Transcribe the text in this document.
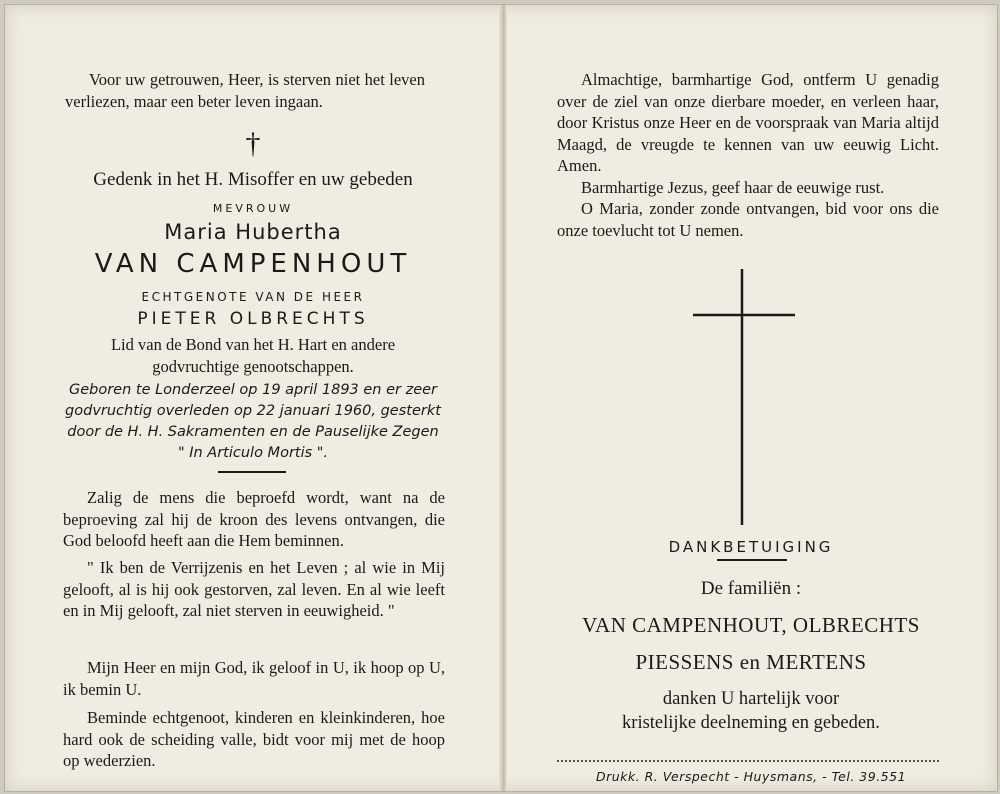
Voor uw getrouwen, Heer, is sterven niet het leven verliezen, maar een beter leven ingaan.

†
Gedenk in het H. Misoffer en uw gebeden
MEVROUW
Maria Hubertha
VAN CAMPENHOUT
ECHTGENOTE VAN DE HEER
PIETER OLBRECHTS
Lid van de Bond van het H. Hart en andere
godvruchtige genootschappen.
Geboren te Londerzeel op 19 april 1893 en er zeer
godvruchtig overleden op 22 januari 1960, gesterkt
door de H. H. Sakramenten en de Pauselijke Zegen
" In Articulo Mortis ".

Zalig de mens die beproefd wordt, want na de beproeving zal hij de kroon des levens ontvangen, die God beloofd heeft aan die Hem beminnen.

" Ik ben de Verrijzenis en het Leven ; al wie in Mij gelooft, al is hij ook gestorven, zal leven. En al wie leeft en in Mij gelooft, zal niet sterven in eeuwigheid. "

Mijn Heer en mijn God, ik geloof in U, ik hoop op U, ik bemin U.

Beminde echtgenoot, kinderen en kleinkinderen, hoe hard ook de scheiding valle, bidt voor mij met de hoop op wederzien.

Almachtige, barmhartige God, ontferm U genadig over de ziel van onze dierbare moeder, en verleen haar, door Kristus onze Heer en de voorspraak van Maria altijd Maagd, de vreugde te kennen van uw eeuwig Licht. Amen.

Barmhartige Jezus, geef haar de eeuwige rust.

O Maria, zonder zonde ontvangen, bid voor ons die onze toevlucht tot U nemen.

DANKBETUIGING
De familiën :
VAN CAMPENHOUT, OLBRECHTS
PIESSENS en MERTENS
danken U hartelijk voor
kristelijke deelneming en gebeden.
Drukk. R. Verspecht - Huysmans, - Tel. 39.551
